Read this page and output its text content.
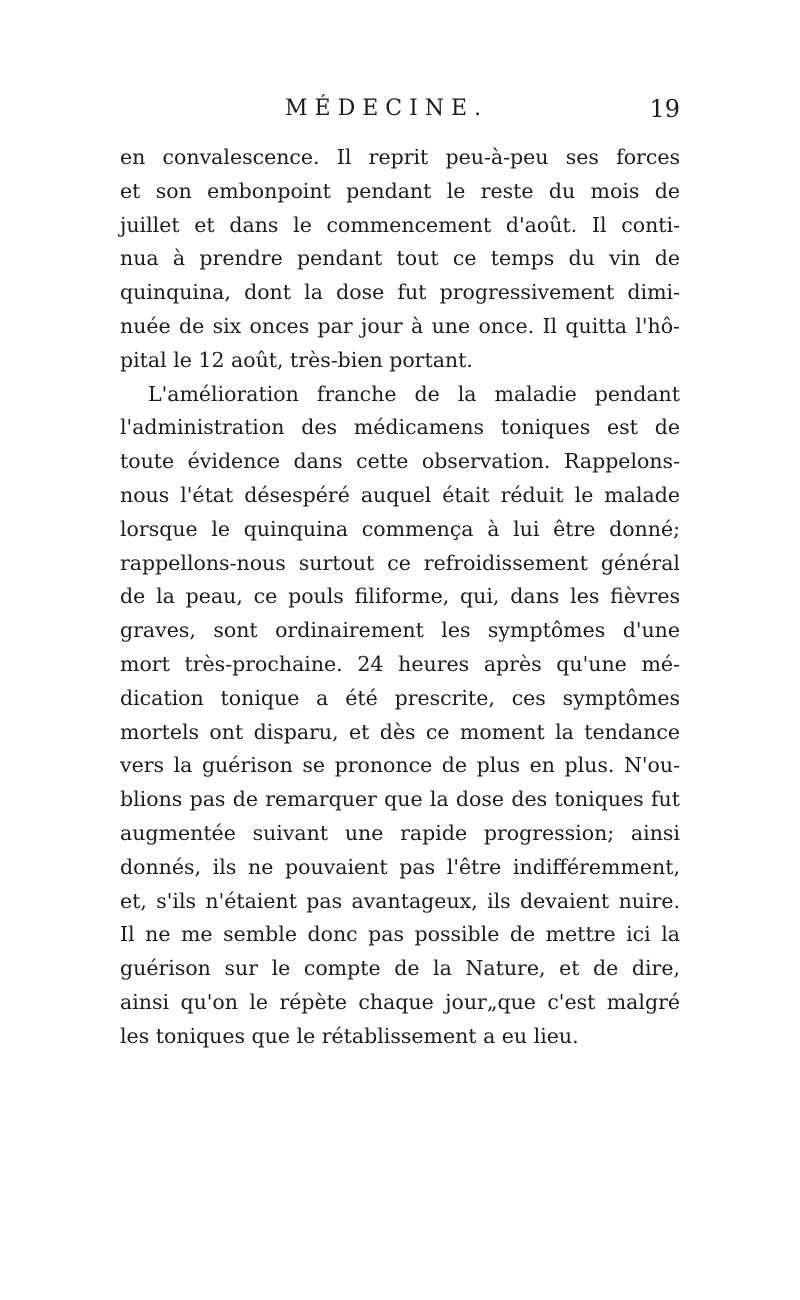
MÉDECINE.	19
en convalescence. Il reprit peu-à-peu ses forces
et son embonpoint pendant le reste du mois de
juillet et dans le commencement d'août. Il conti-
nua à prendre pendant tout ce temps du vin de
quinquina, dont la dose fut progressivement dimi-
nuée de six onces par jour à une once. Il quitta l'hô-
pital le 12 août, très-bien portant.
L'amélioration franche de la maladie pendant
l'administration des médicamens toniques est de
toute évidence dans cette observation. Rappelons-
nous l'état désespéré auquel était réduit le malade
lorsque le quinquina commença à lui être donné;
rappellons-nous surtout ce refroidissement général
de la peau, ce pouls filiforme, qui, dans les fièvres
graves, sont ordinairement les symptômes d'une
mort très-prochaine. 24 heures après qu'une mé-
dication tonique a été prescrite, ces symptômes
mortels ont disparu, et dès ce moment la tendance
vers la guérison se prononce de plus en plus. N'ou-
blions pas de remarquer que la dose des toniques fut
augmentée suivant une rapide progression; ainsi
donnés, ils ne pouvaient pas l'être indifféremment,
et, s'ils n'étaient pas avantageux, ils devaient nuire.
Il ne me semble donc pas possible de mettre ici la
guérison sur le compte de la Nature, et de dire,
ainsi qu'on le répète chaque jour„que c'est malgré
les toniques que le rétablissement a eu lieu.
